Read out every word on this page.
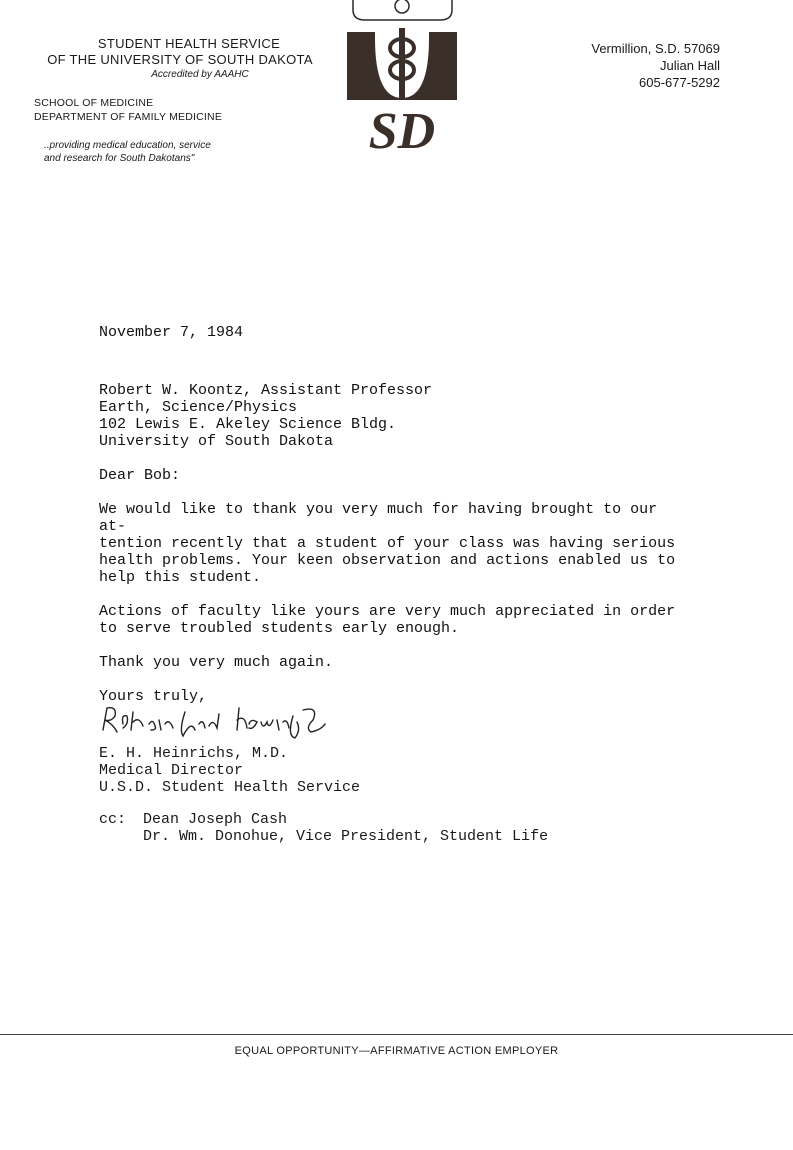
STUDENT HEALTH SERVICE
OF THE UNIVERSITY OF SOUTH DAKOTA
Accredited by AAAHC
SCHOOL OF MEDICINE
DEPARTMENT OF FAMILY MEDICINE
..providing medical education, service
and research for South Dakotans"	SD
Vermillion, S.D. 57069
Julian Hall
605-677-5292

November 7, 1984

Robert W. Koontz, Assistant Professor

Earth, Science/Physics

102 Lewis E. Akeley Science Bldg.

University of South Dakota

Dear Bob:

We would like to thank you very much for having brought to our at-
tention recently that a student of your class was having serious
health problems. Your keen observation and actions enabled us to
help this student.

Actions of faculty like yours are very much appreciated in order
to serve troubled students early enough.

Thank you very much again.

Yours truly,

E. H. Heinrichs, M.D.
Medical Director
U.S.D. Student Health Service
cc:	Dean Joseph Cash
Dr. Wm. Donohue, Vice President, Student Life
EQUAL OPPORTUNITY—AFFIRMATIVE ACTION EMPLOYER
